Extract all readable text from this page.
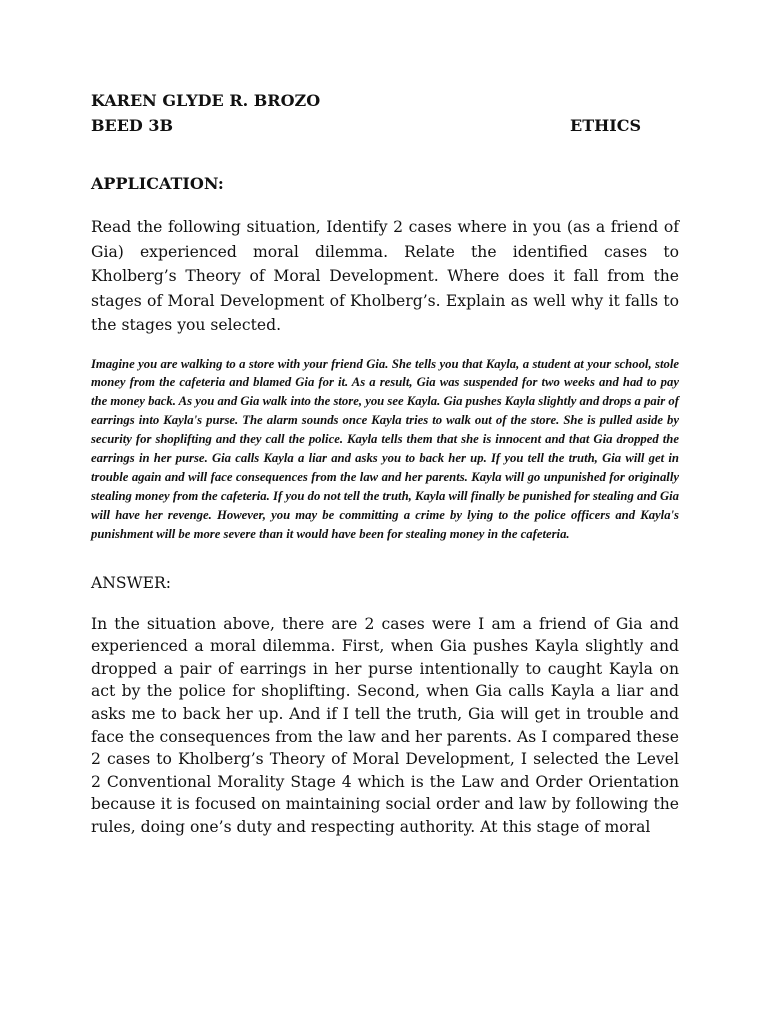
KAREN GLYDE R. BROZO
BEED 3B	ETHICS
APPLICATION:
Read the following situation, Identify 2 cases where in you (as a friend of Gia) experienced moral dilemma. Relate the identified cases to Kholberg’s Theory of Moral Development. Where does it fall from the stages of Moral Development of Kholberg’s. Explain as well why it falls to the stages you selected.
Imagine you are walking to a store with your friend Gia. She tells you that Kayla, a student at your school, stole money from the cafeteria and blamed Gia for it. As a result, Gia was suspended for two weeks and had to pay the money back. As you and Gia walk into the store, you see Kayla. Gia pushes Kayla slightly and drops a pair of earrings into Kayla's purse. The alarm sounds once Kayla tries to walk out of the store. She is pulled aside by security for shoplifting and they call the police. Kayla tells them that she is innocent and that Gia dropped the earrings in her purse. Gia calls Kayla a liar and asks you to back her up. If you tell the truth, Gia will get in trouble again and will face consequences from the law and her parents. Kayla will go unpunished for originally stealing money from the cafeteria. If you do not tell the truth, Kayla will finally be punished for stealing and Gia will have her revenge. However, you may be committing a crime by lying to the police officers and Kayla's punishment will be more severe than it would have been for stealing money in the cafeteria.
ANSWER:
In the situation above, there are 2 cases were I am a friend of Gia and experienced a moral dilemma. First, when Gia pushes Kayla slightly and dropped a pair of earrings in her purse intentionally to caught Kayla on act by the police for shoplifting. Second, when Gia calls Kayla a liar and asks me to back her up. And if I tell the truth, Gia will get in trouble and face the consequences from the law and her parents. As I compared these 2 cases to Kholberg’s Theory of Moral Development, I selected the Level 2 Conventional Morality Stage 4 which is the Law and Order Orientation because it is focused on maintaining social order and law by following the rules, doing one’s duty and respecting authority. At this stage of moral
